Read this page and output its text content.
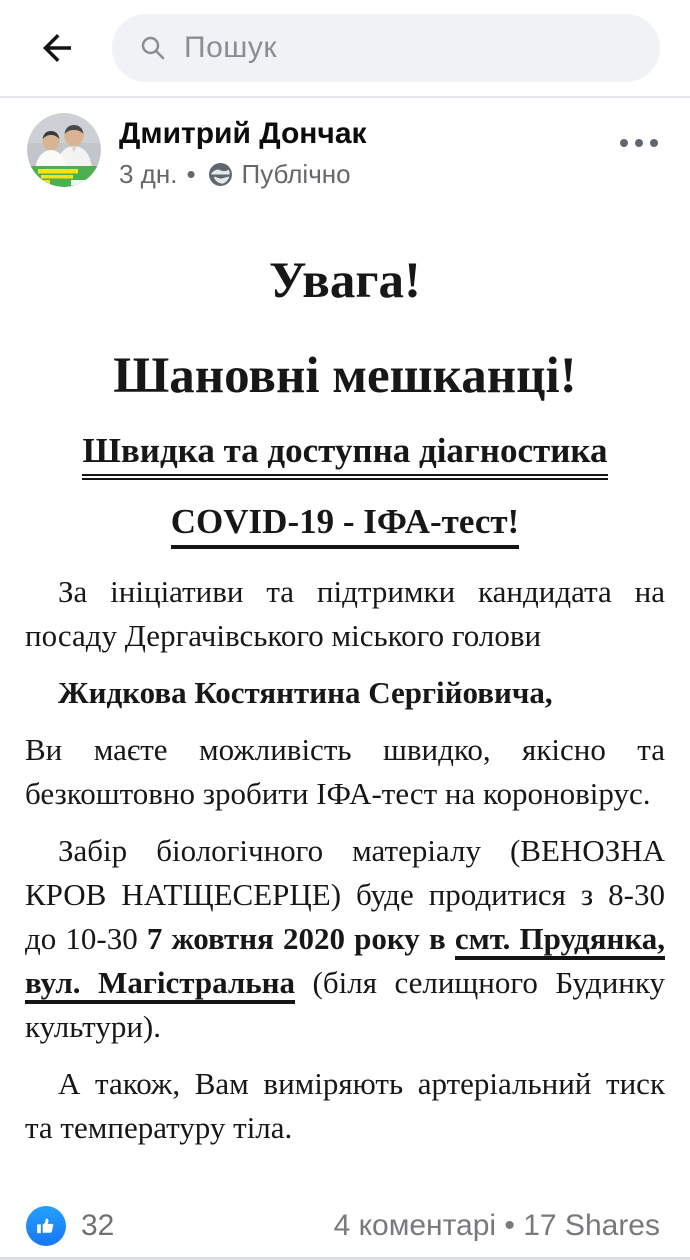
Пошук
Дмитрий Дончак
3 дн. • Публічно
Увага!
Шановні мешканці!
Швидка та доступна діагностика
COVID-19 - ІФА-тест!

За ініціативи та підтримки кандидата на посаду Дергачівського міського голови

Жидкова Костянтина Сергійовича,

Ви маєте можливість швидко, якісно та безкоштовно зробити ІФА-тест на короновірус.

Забір біологічного матеріалу (ВЕНОЗНА КРОВ НАТЩЕСЕРЦЕ) буде продитися з 8-30 до 10-30 7 жовтня 2020 року в смт. Прудянка, вул. Магістральна (біля селищного Будинку культури).

А також, Вам виміряють артеріальний тиск та температуру тіла.

32	4 коментарі • 17 Shares
